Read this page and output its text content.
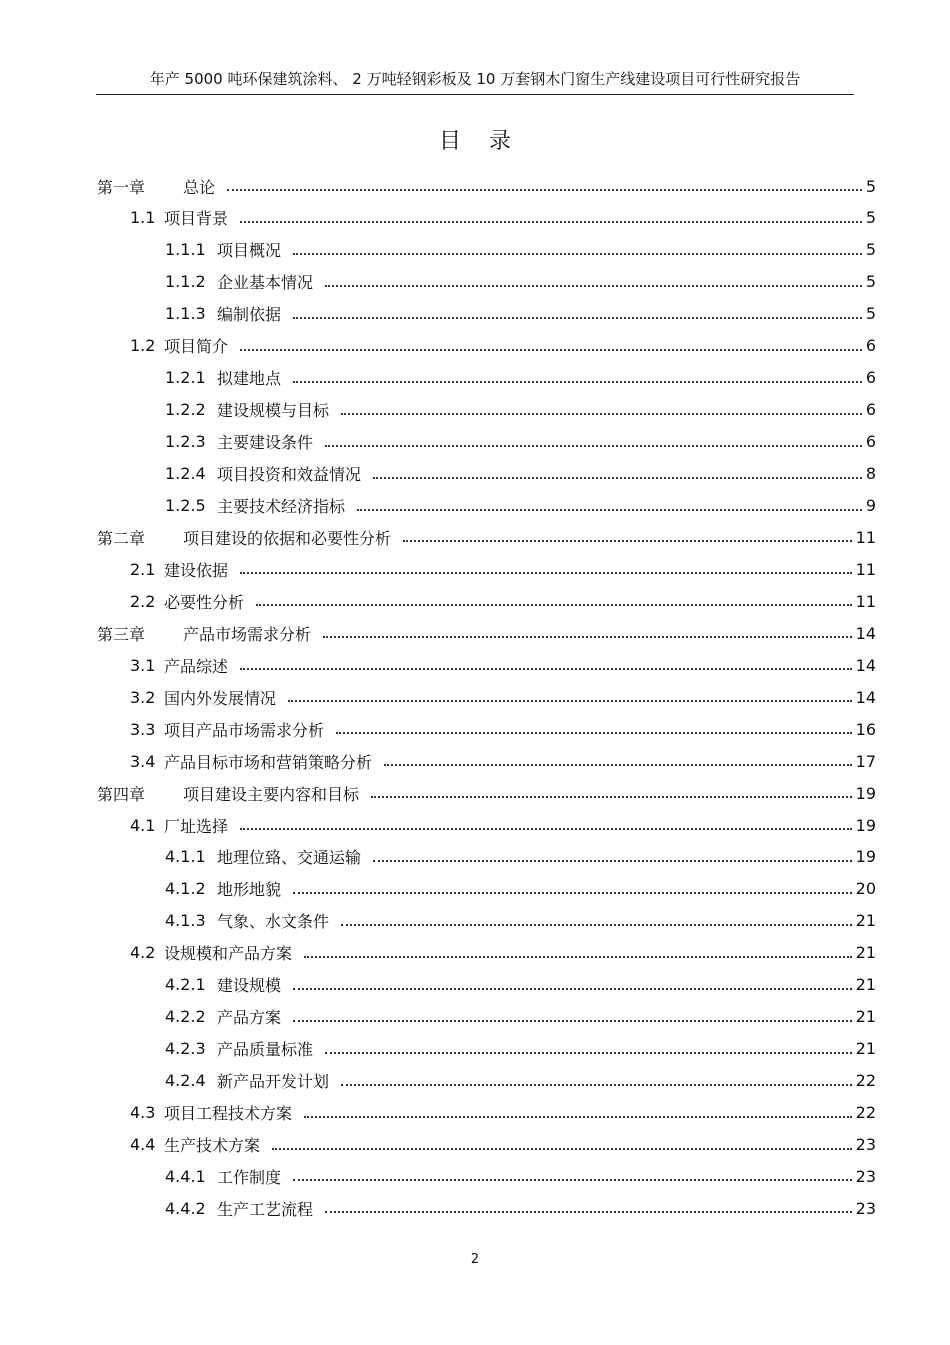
年产 5000 吨环保建筑涂料、 2 万吨轻钢彩板及 10 万套钢木门窗生产线建设项目可行性研究报告
目录
第一章	总论	5
1.1 项目背景	5
1.1.1 项目概况	5
1.1.2 企业基本情况	5
1.1.3 编制依据	5
1.2 项目简介	6
1.2.1 拟建地点	6
1.2.2 建设规模与目标	6
1.2.3 主要建设条件	6
1.2.4 项目投资和效益情况	8
1.2.5 主要技术经济指标	9
第二章	项目建设的依据和必要性分析	11
2.1 建设依据	11
2.2 必要性分析	11
第三章	产品市场需求分析	14
3.1 产品综述	14
3.2 国内外发展情况	14
3.3 项目产品市场需求分析	16
3.4 产品目标市场和营销策略分析	17
第四章	项目建设主要内容和目标	19
4.1 厂址选择	19
4.1.1 地理位臵、交通运输	19
4.1.2 地形地貌	20
4.1.3 气象、水文条件	21
4.2 设规模和产品方案	21
4.2.1 建设规模	21
4.2.2 产品方案	21
4.2.3 产品质量标准	21
4.2.4 新产品开发计划	22
4.3 项目工程技术方案	22
4.4 生产技术方案	23
4.4.1 工作制度	23
4.4.2 生产工艺流程	23
2
